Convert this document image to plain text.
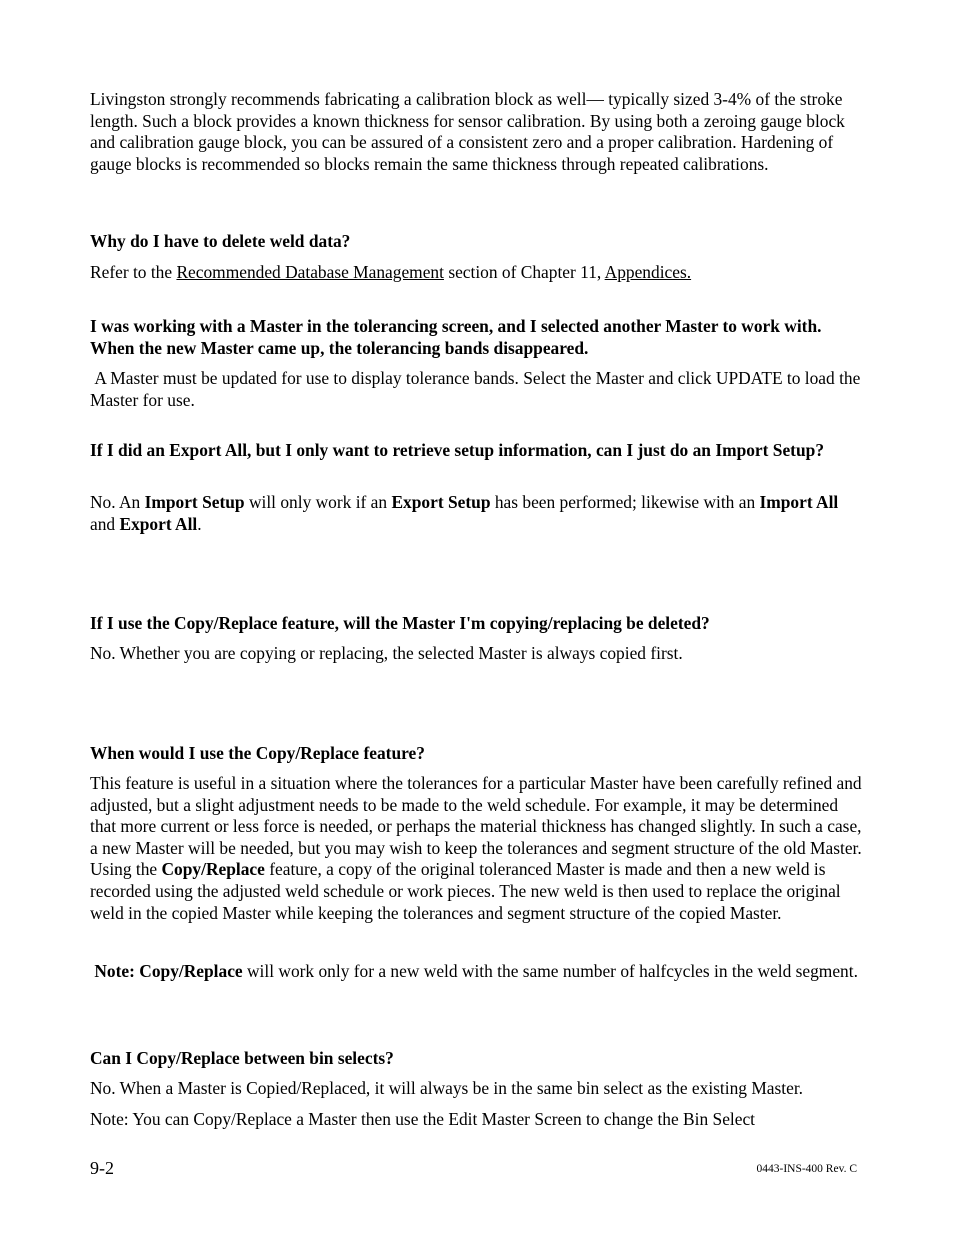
Livingston strongly recommends fabricating a calibration block as well— typically sized 3-4% of the stroke length. Such a block provides a known thickness for sensor calibration. By using both a zeroing gauge block and calibration gauge block, you can be assured of a consistent zero and a proper calibration. Hardening of gauge blocks is recommended so blocks remain the same thickness through repeated calibrations.

Why do I have to delete weld data?

Refer to the Recommended Database Management section of Chapter 11, Appendices.

I was working with a Master in the tolerancing screen, and I selected another Master to work with. When the new Master came up, the tolerancing bands disappeared.

A Master must be updated for use to display tolerance bands. Select the Master and click UPDATE to load the Master for use.

If I did an Export All, but I only want to retrieve setup information, can I just do an Import Setup?

No. An Import Setup will only work if an Export Setup has been performed; likewise with an Import All and Export All.

If I use the Copy/Replace feature, will the Master I'm copying/replacing be deleted?

No. Whether you are copying or replacing, the selected Master is always copied first.

When would I use the Copy/Replace feature?

This feature is useful in a situation where the tolerances for a particular Master have been carefully refined and adjusted, but a slight adjustment needs to be made to the weld schedule. For example, it may be determined that more current or less force is needed, or perhaps the material thickness has changed slightly. In such a case, a new Master will be needed, but you may wish to keep the tolerances and segment structure of the old Master. Using the Copy/Replace feature, a copy of the original toleranced Master is made and then a new weld is recorded using the adjusted weld schedule or work pieces. The new weld is then used to replace the original weld in the copied Master while keeping the tolerances and segment structure of the copied Master.

Note: Copy/Replace will work only for a new weld with the same number of halfcycles in the weld segment.

Can I Copy/Replace between bin selects?

No. When a Master is Copied/Replaced, it will always be in the same bin select as the existing Master.

Note: You can Copy/Replace a Master then use the Edit Master Screen to change the Bin Select

9-2	0443-INS-400 Rev. C
